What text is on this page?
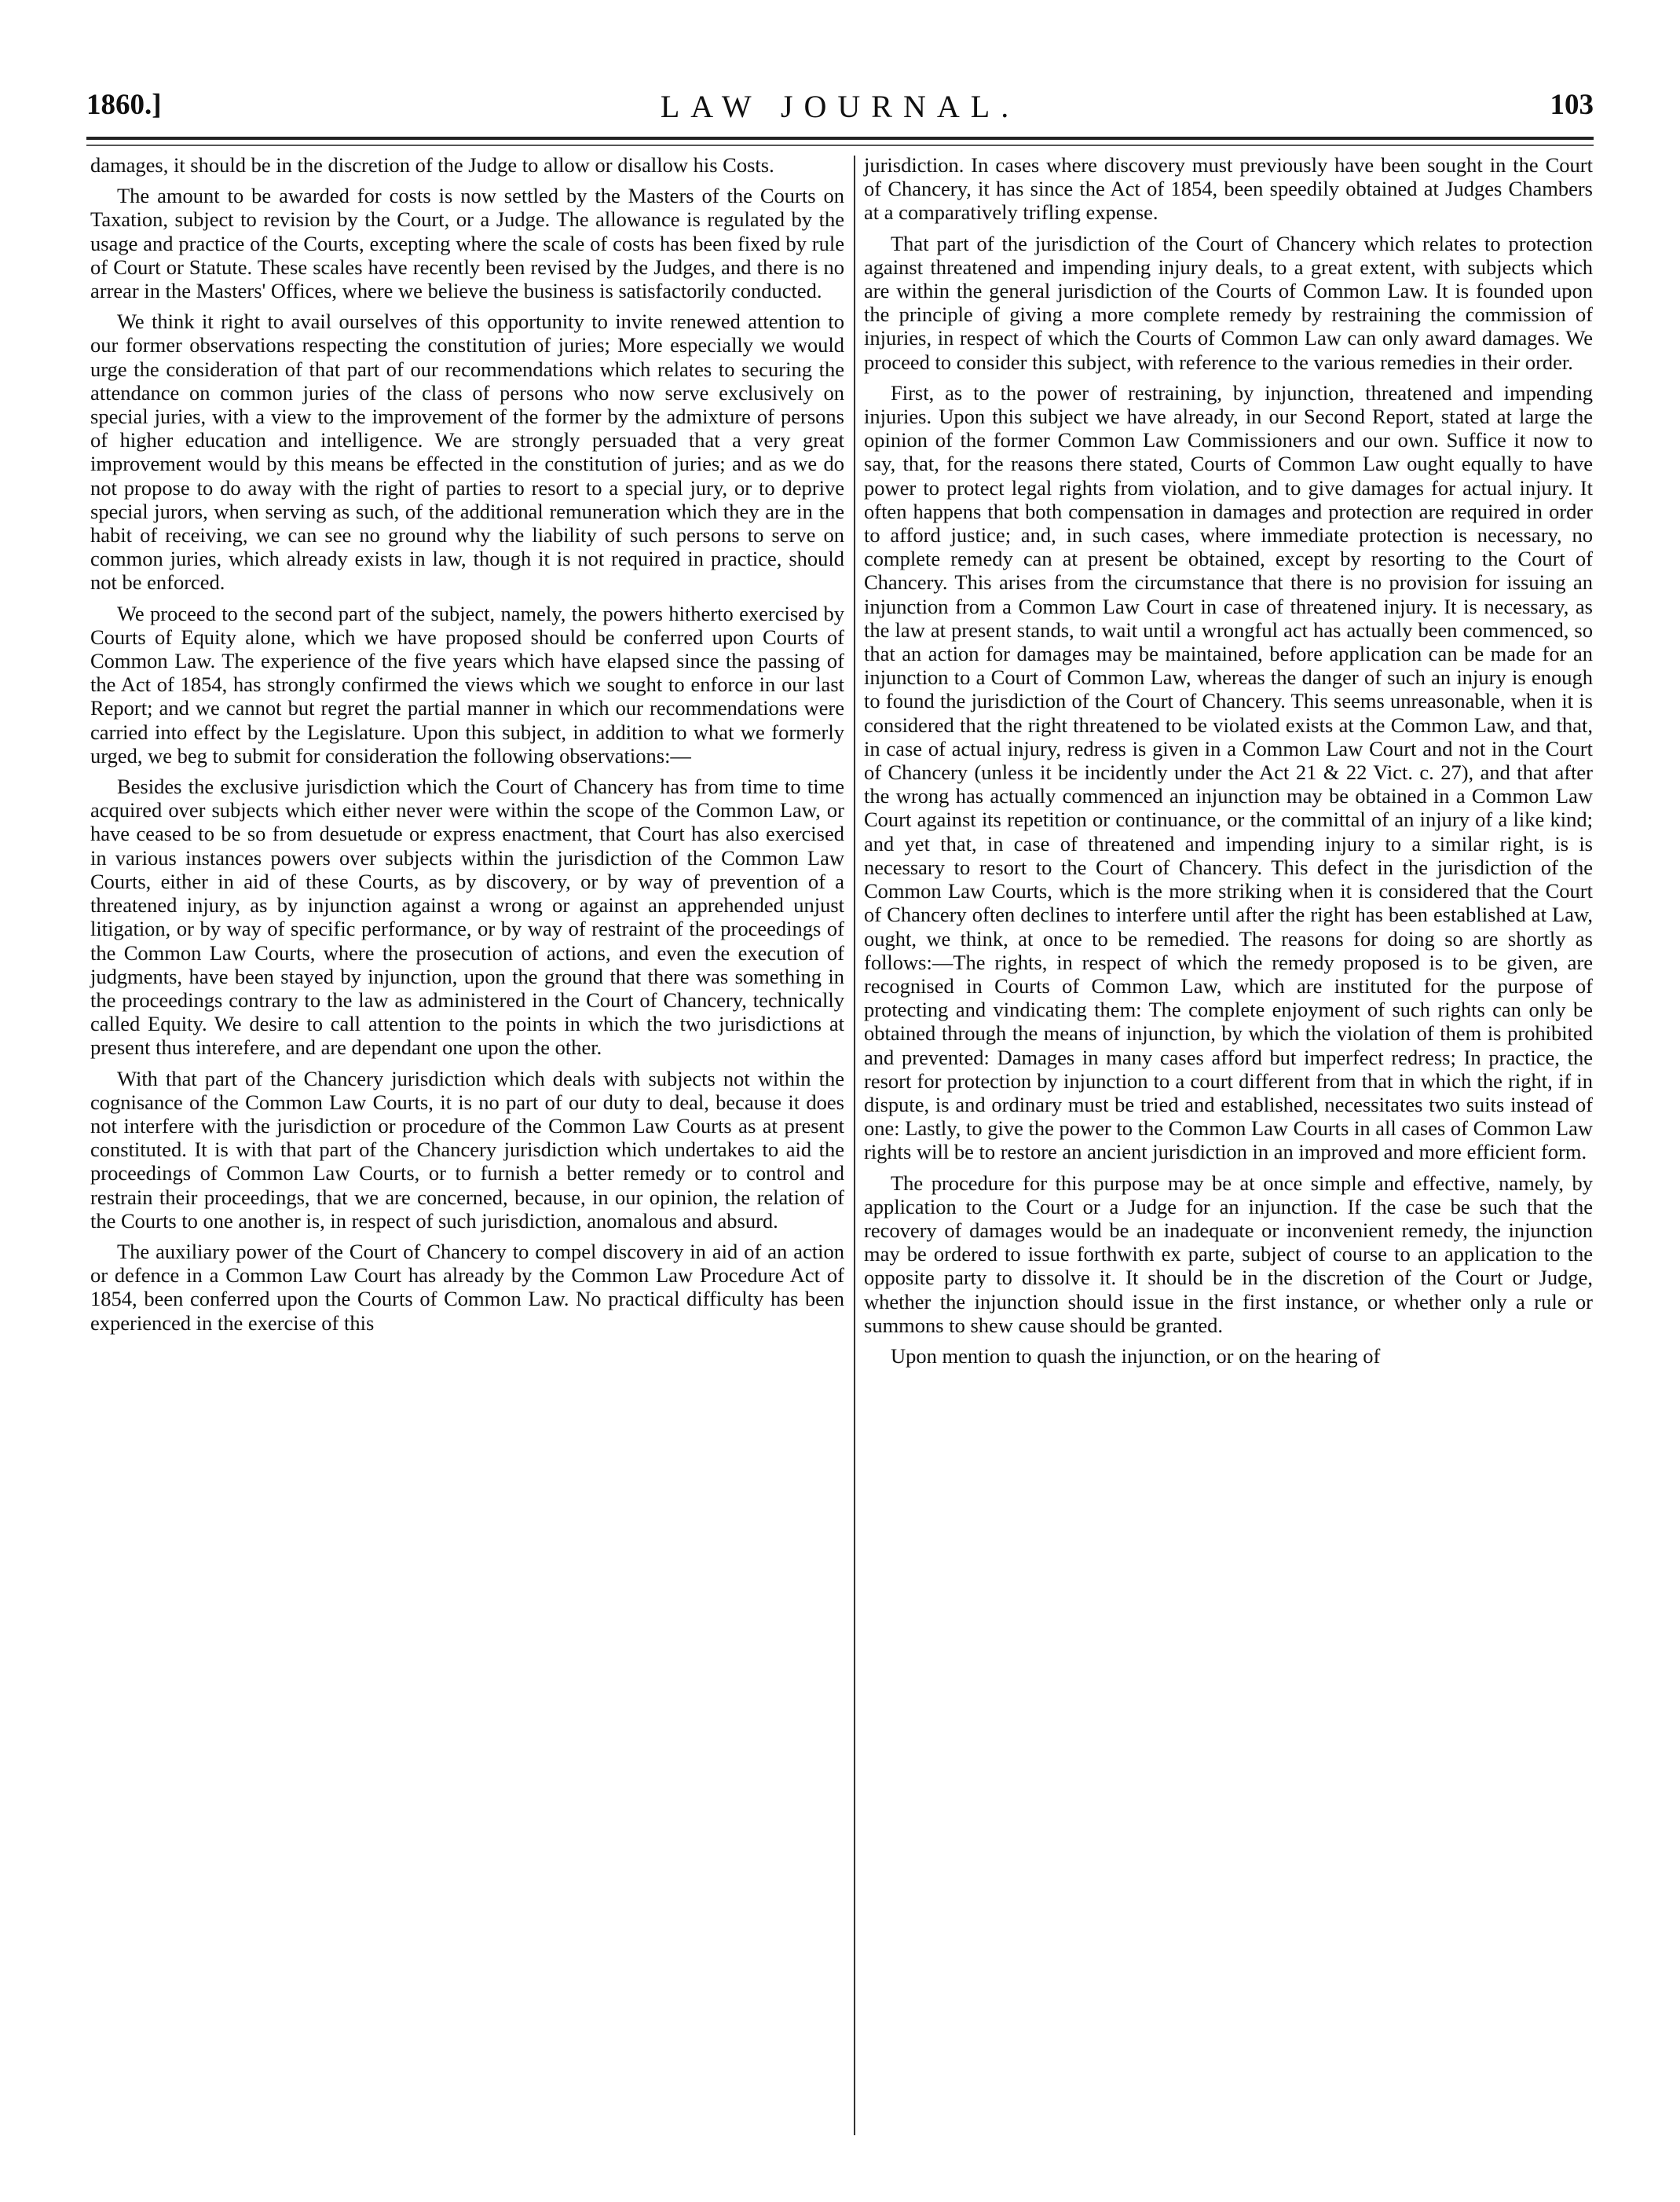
1860.]	LAW JOURNAL.	103

damages, it should be in the discretion of the Judge to allow or disallow his Costs.

The amount to be awarded for costs is now settled by the Masters of the Courts on Taxation, subject to revision by the Court, or a Judge. The allowance is regulated by the usage and practice of the Courts, excepting where the scale of costs has been fixed by rule of Court or Statute. These scales have recently been revised by the Judges, and there is no arrear in the Masters' Offices, where we believe the business is satisfactorily conducted.

We think it right to avail ourselves of this opportunity to invite renewed attention to our former observations respecting the constitution of juries; More especially we would urge the consideration of that part of our recommendations which relates to securing the attendance on common juries of the class of persons who now serve exclusively on special juries, with a view to the improvement of the former by the admixture of persons of higher education and intelligence. We are strongly persuaded that a very great improvement would by this means be effected in the constitution of juries; and as we do not propose to do away with the right of parties to resort to a special jury, or to deprive special jurors, when serving as such, of the additional remuneration which they are in the habit of receiving, we can see no ground why the liability of such persons to serve on common juries, which already exists in law, though it is not required in practice, should not be enforced.

We proceed to the second part of the subject, namely, the powers hitherto exercised by Courts of Equity alone, which we have proposed should be conferred upon Courts of Common Law. The experience of the five years which have elapsed since the passing of the Act of 1854, has strongly confirmed the views which we sought to enforce in our last Report; and we cannot but regret the partial manner in which our recommendations were carried into effect by the Legislature. Upon this subject, in addition to what we formerly urged, we beg to submit for consideration the following observations:—

Besides the exclusive jurisdiction which the Court of Chancery has from time to time acquired over subjects which either never were within the scope of the Common Law, or have ceased to be so from desuetude or express enactment, that Court has also exercised in various instances powers over subjects within the jurisdiction of the Common Law Courts, either in aid of these Courts, as by discovery, or by way of prevention of a threatened injury, as by injunction against a wrong or against an apprehended unjust litigation, or by way of specific performance, or by way of restraint of the proceedings of the Common Law Courts, where the prosecution of actions, and even the execution of judgments, have been stayed by injunction, upon the ground that there was something in the proceedings contrary to the law as administered in the Court of Chancery, technically called Equity. We desire to call attention to the points in which the two jurisdictions at present thus interefere, and are dependant one upon the other.

With that part of the Chancery jurisdiction which deals with subjects not within the cognisance of the Common Law Courts, it is no part of our duty to deal, because it does not interfere with the jurisdiction or procedure of the Common Law Courts as at present constituted. It is with that part of the Chancery jurisdiction which undertakes to aid the proceedings of Common Law Courts, or to furnish a better remedy or to control and restrain their proceedings, that we are concerned, because, in our opinion, the relation of the Courts to one another is, in respect of such jurisdiction, anomalous and absurd.

The auxiliary power of the Court of Chancery to compel discovery in aid of an action or defence in a Common Law Court has already by the Common Law Procedure Act of 1854, been conferred upon the Courts of Common Law. No practical difficulty has been experienced in the exercise of this

jurisdiction. In cases where discovery must previously have been sought in the Court of Chancery, it has since the Act of 1854, been speedily obtained at Judges Chambers at a comparatively trifling expense.

That part of the jurisdiction of the Court of Chancery which relates to protection against threatened and impending injury deals, to a great extent, with subjects which are within the general jurisdiction of the Courts of Common Law. It is founded upon the principle of giving a more complete remedy by restraining the commission of injuries, in respect of which the Courts of Common Law can only award damages. We proceed to consider this subject, with reference to the various remedies in their order.

First, as to the power of restraining, by injunction, threatened and impending injuries. Upon this subject we have already, in our Second Report, stated at large the opinion of the former Common Law Commissioners and our own. Suffice it now to say, that, for the reasons there stated, Courts of Common Law ought equally to have power to protect legal rights from violation, and to give damages for actual injury. It often happens that both compensation in damages and protection are required in order to afford justice; and, in such cases, where immediate protection is necessary, no complete remedy can at present be obtained, except by resorting to the Court of Chancery. This arises from the circumstance that there is no provision for issuing an injunction from a Common Law Court in case of threatened injury. It is necessary, as the law at present stands, to wait until a wrongful act has actually been commenced, so that an action for damages may be maintained, before application can be made for an injunction to a Court of Common Law, whereas the danger of such an injury is enough to found the jurisdiction of the Court of Chancery. This seems unreasonable, when it is considered that the right threatened to be violated exists at the Common Law, and that, in case of actual injury, redress is given in a Common Law Court and not in the Court of Chancery (unless it be incidently under the Act 21 & 22 Vict. c. 27), and that after the wrong has actually commenced an injunction may be obtained in a Common Law Court against its repetition or continuance, or the committal of an injury of a like kind; and yet that, in case of threatened and impending injury to a similar right, is is necessary to resort to the Court of Chancery. This defect in the jurisdiction of the Common Law Courts, which is the more striking when it is considered that the Court of Chancery often declines to interfere until after the right has been established at Law, ought, we think, at once to be remedied. The reasons for doing so are shortly as follows:—The rights, in respect of which the remedy proposed is to be given, are recognised in Courts of Common Law, which are instituted for the purpose of protecting and vindicating them: The complete enjoyment of such rights can only be obtained through the means of injunction, by which the violation of them is prohibited and prevented: Damages in many cases afford but imperfect redress; In practice, the resort for protection by injunction to a court different from that in which the right, if in dispute, is and ordinary must be tried and established, necessitates two suits instead of one: Lastly, to give the power to the Common Law Courts in all cases of Common Law rights will be to restore an ancient jurisdiction in an improved and more efficient form.

The procedure for this purpose may be at once simple and effective, namely, by application to the Court or a Judge for an injunction. If the case be such that the recovery of damages would be an inadequate or inconvenient remedy, the injunction may be ordered to issue forthwith ex parte, subject of course to an application to the opposite party to dissolve it. It should be in the discretion of the Court or Judge, whether the injunction should issue in the first instance, or whether only a rule or summons to shew cause should be granted.

Upon mention to quash the injunction, or on the hearing of
